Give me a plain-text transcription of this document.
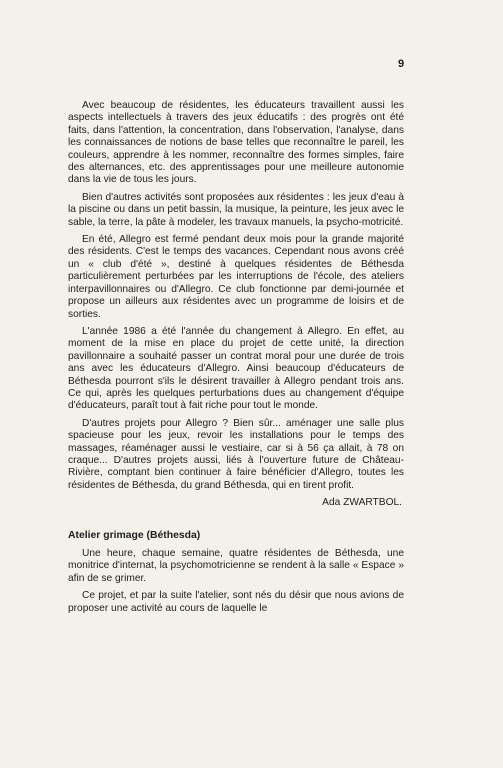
9

Avec beaucoup de résidentes, les éducateurs travaillent aussi les aspects intellectuels à travers des jeux éducatifs : des progrès ont été faits, dans l'attention, la concentration, dans l'observation, l'analyse, dans les connaissances de notions de base telles que reconnaître le pareil, les couleurs, apprendre à les nommer, reconnaître des formes simples, faire des alternances, etc. des apprentissages pour une meilleure autonomie dans la vie de tous les jours.

Bien d'autres activités sont proposées aux résidentes : les jeux d'eau à la piscine ou dans un petit bassin, la musique, la peinture, les jeux avec le sable, la terre, la pâte à modeler, les travaux manuels, la psycho-motricité.

En été, Allegro est fermé pendant deux mois pour la grande majorité des résidents. C'est le temps des vacances. Cependant nous avons créé un « club d'été », destiné à quelques résidentes de Béthesda particulièrement perturbées par les interruptions de l'école, des ateliers interpavillonnaires ou d'Allegro. Ce club fonctionne par demi-journée et propose un ailleurs aux résidentes avec un programme de loisirs et de sorties.

L'année 1986 a été l'année du changement à Allegro. En effet, au moment de la mise en place du projet de cette unité, la direction pavillonnaire a souhaité passer un contrat moral pour une durée de trois ans avec les éducateurs d'Allegro. Ainsi beaucoup d'éducateurs de Béthesda pourront s'ils le désirent travailler à Allegro pendant trois ans. Ce qui, après les quelques perturbations dues au changement d'équipe d'éducateurs, paraît tout à fait riche pour tout le monde.

D'autres projets pour Allegro ? Bien sûr... aménager une salle plus spacieuse pour les jeux, revoir les installations pour le temps des massages, réaménager aussi le vestiaire, car si à 56 ça allait, à 78 on craque... D'autres projets aussi, liés à l'ouverture future de Château-Rivière, comptant bien continuer à faire bénéficier d'Allegro, toutes les résidentes de Béthesda, du grand Béthesda, qui en tirent profit.

Ada ZWARTBOL.

Atelier grimage (Béthesda)

Une heure, chaque semaine, quatre résidentes de Béthesda, une monitrice d'internat, la psychomotricienne se rendent à la salle « Espace » afin de se grimer.

Ce projet, et par la suite l'atelier, sont nés du désir que nous avions de proposer une activité au cours de laquelle le
